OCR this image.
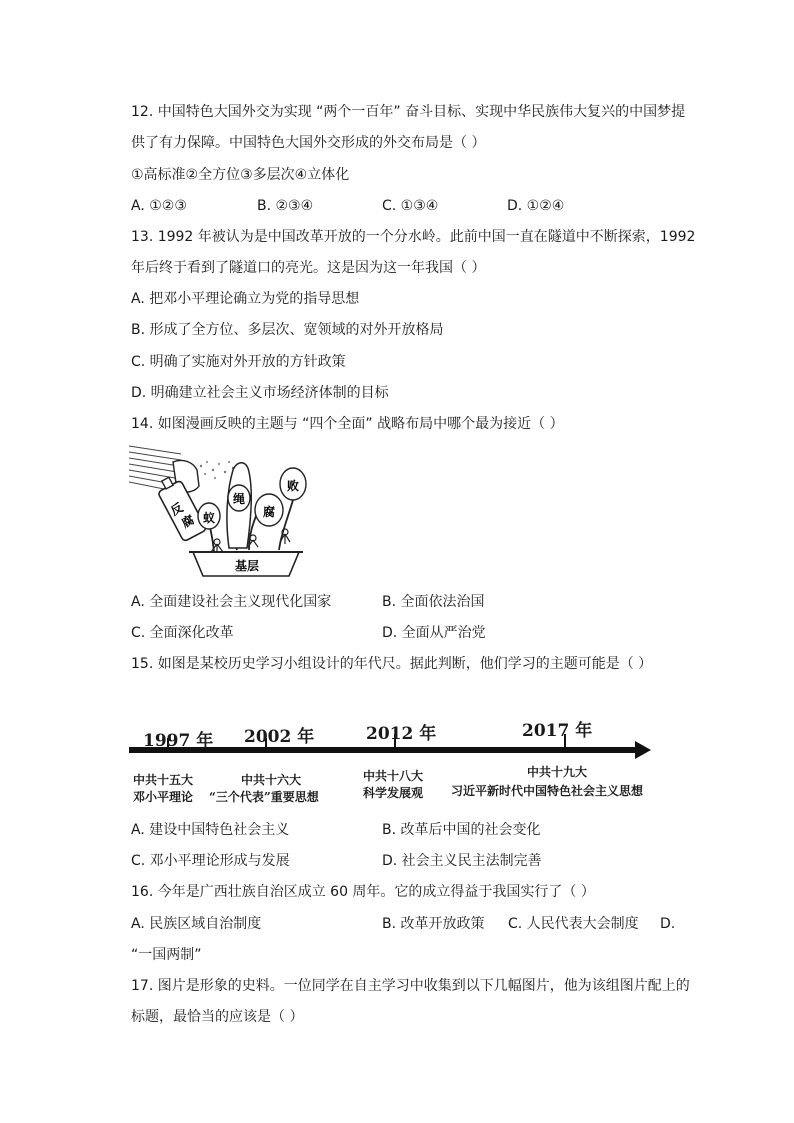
12. 中国特色大国外交为实现 “两个一百年” 奋斗目标、实现中华民族伟大复兴的中国梦提
供了有力保障。中国特色大国外交形成的外交布局是（ ）
①高标准②全方位③多层次④立体化
A. ①②③	B. ②③④	C. ①③④	D. ①②④
13. 1992 年被认为是中国改革开放的一个分水岭。此前中国一直在隧道中不断探索，1992
年后终于看到了隧道口的亮光。这是因为这一年我国（ ）
A. 把邓小平理论确立为党的指导思想
B. 形成了全方位、多层次、宽领域的对外开放格局
C. 明确了实施对外开放的方针政策
D. 明确建立社会主义市场经济体制的目标
14. 如图漫画反映的主题与 “四个全面” 战略布局中哪个最为接近（ ）
反
腐 蚁
绳
腐
败
基层
A. 全面建设社会主义现代化国家	B. 全面依法治国
C. 全面深化改革	D. 全面从严治党
15. 如图是某校历史学习小组设计的年代尺。据此判断，他们学习的主题可能是（ ）
1997 年 2002 年	2012 年	2017 年
中共十五大
邓小平理论
中共十六大
“三个代表”重要思想
中共十八大
科学发展观
中共十九大
习近平新时代中国特色社会主义思想
A. 建设中国特色社会主义	B. 改革后中国的社会变化
C. 邓小平理论形成与发展	D. 社会主义民主法制完善
16. 今年是广西壮族自治区成立 60 周年。它的成立得益于我国实行了（ ）
A. 民族区域自治制度	B. 改革开放政策 C. 人民代表大会制度 D.
“一国两制”
17. 图片是形象的史料。一位同学在自主学习中收集到以下几幅图片，他为该组图片配上的
标题，最恰当的应该是（ ）
